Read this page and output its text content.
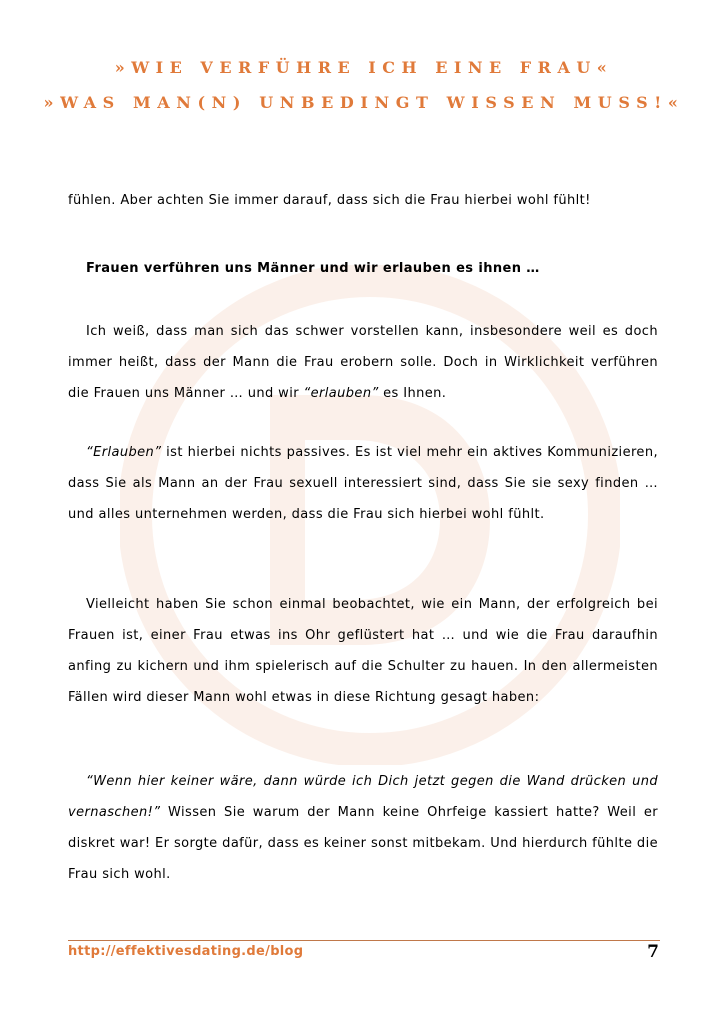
»WIE VERFÜHRE ICH EINE FRAU«
»WAS MAN(N) UNBEDINGT WISSEN MUSS!«

fühlen. Aber achten Sie immer darauf, dass sich die Frau hierbei wohl fühlt!

Frauen verführen uns Männer und wir erlauben es ihnen …

Ich weiß, dass man sich das schwer vorstellen kann, insbesondere weil es doch immer heißt, dass der Mann die Frau erobern solle. Doch in Wirklichkeit verführen die Frauen uns Männer … und wir “erlauben” es Ihnen.

“Erlauben” ist hierbei nichts passives. Es ist viel mehr ein aktives Kommunizieren, dass Sie als Mann an der Frau sexuell interessiert sind, dass Sie sie sexy finden … und alles unternehmen werden, dass die Frau sich hierbei wohl fühlt.

Vielleicht haben Sie schon einmal beobachtet, wie ein Mann, der erfolgreich bei Frauen ist, einer Frau etwas ins Ohr geflüstert hat … und wie die Frau daraufhin anfing zu kichern und ihm spielerisch auf die Schulter zu hauen. In den allermeisten Fällen wird dieser Mann wohl etwas in diese Richtung gesagt haben:

“Wenn hier keiner wäre, dann würde ich Dich jetzt gegen die Wand drücken und vernaschen!” Wissen Sie warum der Mann keine Ohrfeige kassiert hatte? Weil er diskret war! Er sorgte dafür, dass es keiner sonst mitbekam. Und hierdurch fühlte die Frau sich wohl.

http://effektivesdating.de/blog	7
